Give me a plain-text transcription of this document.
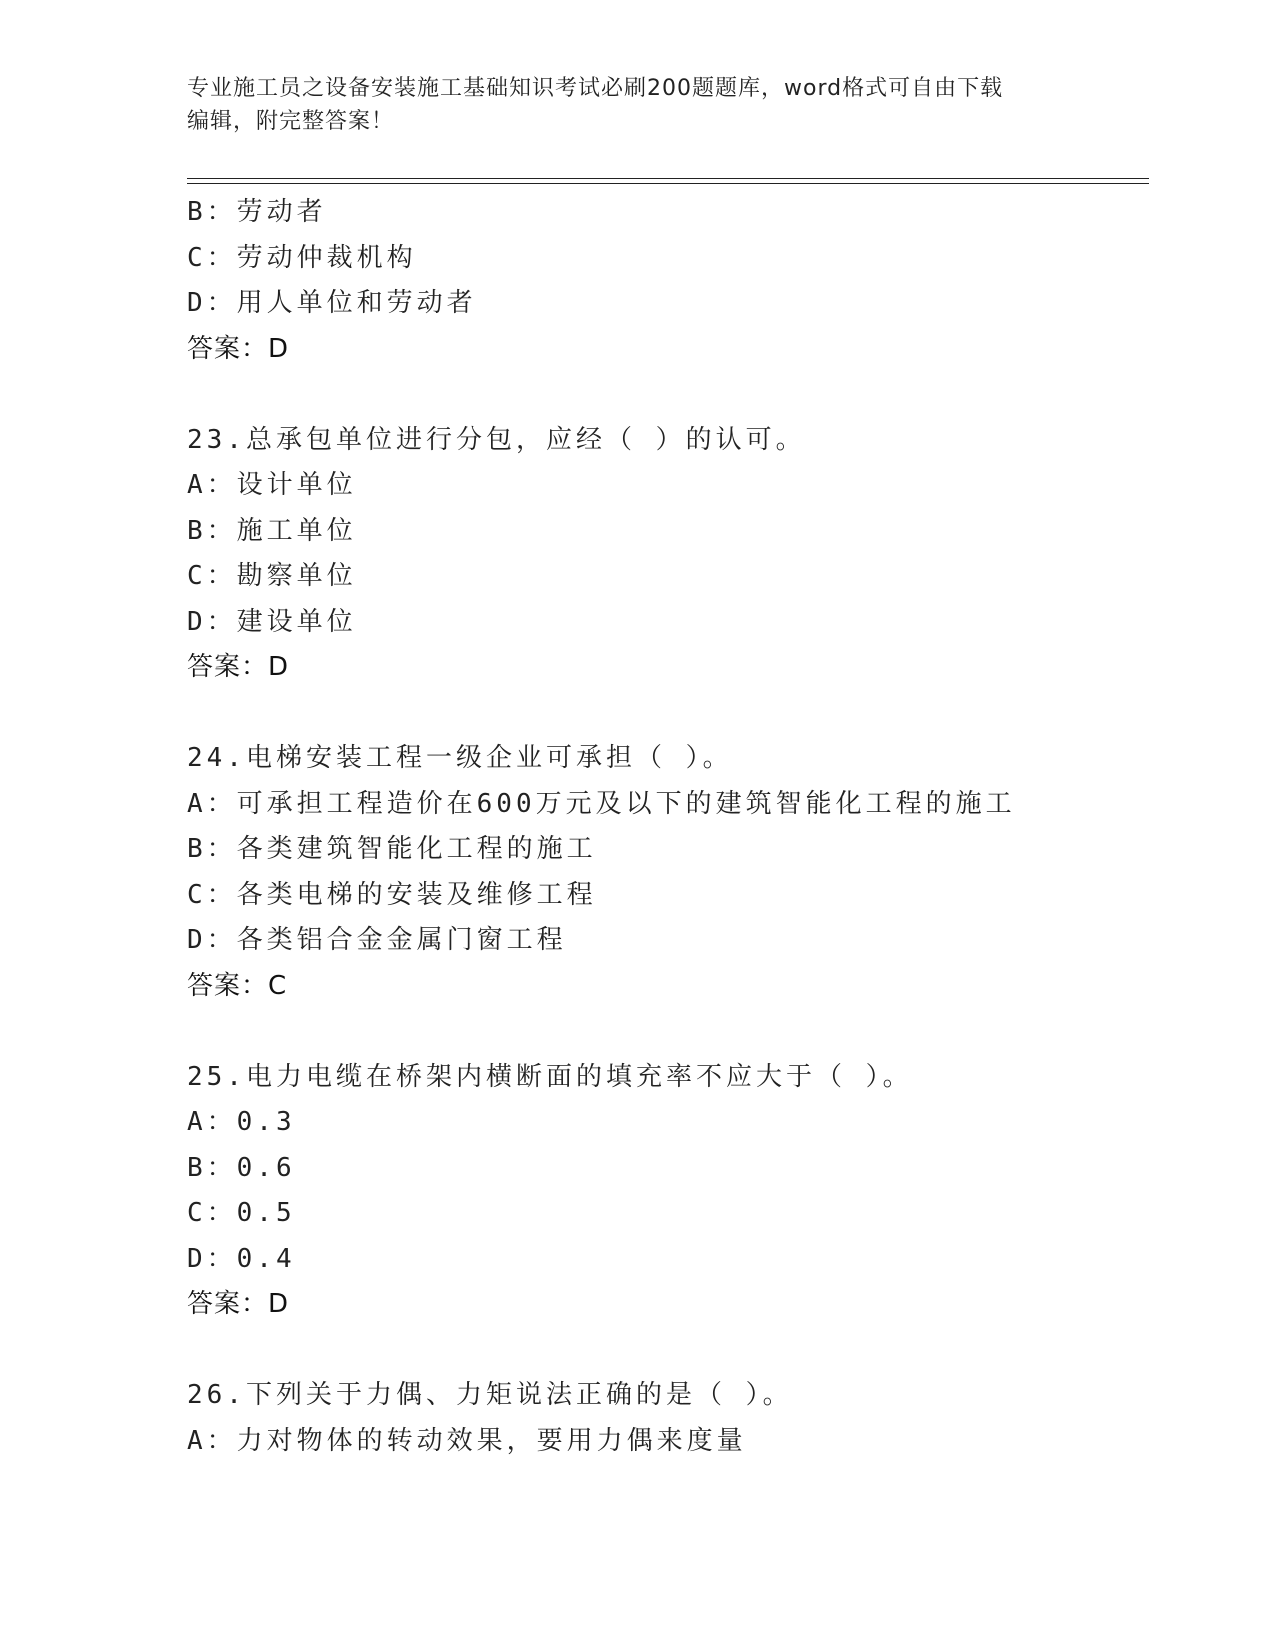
专业施工员之设备安装施工基础知识考试必刷200题题库，word格式可自由下载
编辑，附完整答案！
B：劳动者
C：劳动仲裁机构
D：用人单位和劳动者
答案：D
23.总承包单位进行分包，应经（ ）的认可。
A：设计单位
B：施工单位
C：勘察单位
D：建设单位
答案：D
24.电梯安装工程一级企业可承担（ ）。
A：可承担工程造价在600万元及以下的建筑智能化工程的施工
B：各类建筑智能化工程的施工
C：各类电梯的安装及维修工程
D：各类铝合金金属门窗工程
答案：C
25.电力电缆在桥架内横断面的填充率不应大于（ ）。
A：0.3
B：0.6
C：0.5
D：0.4
答案：D
26.下列关于力偶、力矩说法正确的是（ ）。
A：力对物体的转动效果，要用力偶来度量
